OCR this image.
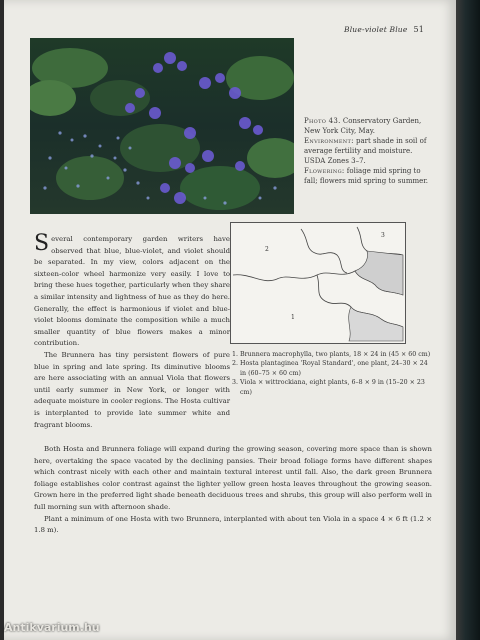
Blue-violet Blue 51
Photo 43. Conservatory Garden, New York City, May.
Environment: part shade in soil of average fertility and moisture. USDA Zones 3–7.
Flowering: foliage mid spring to fall; flowers mid spring to summer.

Several contemporary garden writers have observed that blue, blue-violet, and violet should be separated. In my view, colors adjacent on the sixteen-color wheel harmonize very easily. I love to bring these hues together, particularly when they share a similar intensity and lightness of hue as they do here. Generally, the effect is harmonious if violet and blue-violet blooms dominate the composition while a much smaller quantity of blue flowers makes a minor contribution.

The Brunnera has tiny persistent flowers of pure blue in spring and late spring. Its diminutive blooms are here associating with an annual Viola that flowers until early summer in New York, or longer with adequate moisture in cooler regions. The Hosta cultivar is interplanted to provide late summer white and fragrant blooms.

2
3
1
1. Brunnera macrophylla, two plants, 18 × 24 in (45 × 60 cm)
2. Hosta plantaginea 'Royal Standard', one plant, 24–30 × 24 in (60–75 × 60 cm)
3. Viola × wittrockiana, eight plants, 6–8 × 9 in (15–20 × 23 cm)

Both Hosta and Brunnera foliage will expand during the growing season, covering more space than is shown here, overtaking the space vacated by the declining pansies. Their broad foliage forms have different shapes which contrast nicely with each other and maintain textural interest until fall. Also, the dark green Brunnera foliage establishes color contrast against the lighter yellow green hosta leaves throughout the growing season. Grown here in the preferred light shade beneath deciduous trees and shrubs, this group will also perform well in full morning sun with afternoon shade.

Plant a minimum of one Hosta with two Brunnera, interplanted with about ten Viola in a space 4 × 6 ft (1.2 × 1.8 m).

Antikvarium.hu
